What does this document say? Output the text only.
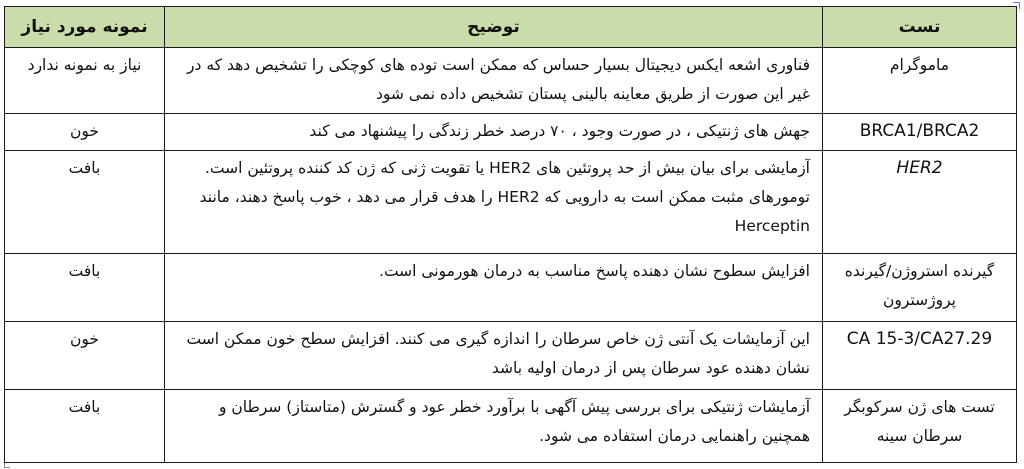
تست	توضیح	نمونه مورد نیاز
ماموگرام	فناوری اشعه ایکس دیجیتال بسیار حساس که ممکن است توده های کوچکی را تشخیص دهد که در غیر این صورت از طریق معاینه بالینی پستان تشخیص داده نمی شود	نیاز به نمونه ندارد
BRCA1/BRCA2	جهش های ژنتیکی ، در صورت وجود ، ۷۰ درصد خطر زندگی را پیشنهاد می کند	خون
HER2	آزمایشی برای بیان بیش از حد پروتئین های HER2 یا تقویت ژنی که ژن کد کننده پروتئین است. تومورهای مثبت ممکن است به دارویی که HER2 را هدف قرار می دهد ، خوب پاسخ دهند، مانند Herceptin	بافت
گیرنده استروژن/گیرنده پروژسترون	افزایش سطوح نشان دهنده پاسخ مناسب به درمان هورمونی است.	بافت
CA 15-3/CA27.29	این آزمایشات یک آنتی ژن خاص سرطان را اندازه گیری می کنند. افزایش سطح خون ممکن است نشان دهنده عود سرطان پس از درمان اولیه باشد	خون
تست های ژن سرکوبگر سرطان سینه	آزمایشات ژنتیکی برای بررسی پیش آگهی با برآورد خطر عود و گسترش (متاستاز) سرطان و همچنین راهنمایی درمان استفاده می شود.	بافت
